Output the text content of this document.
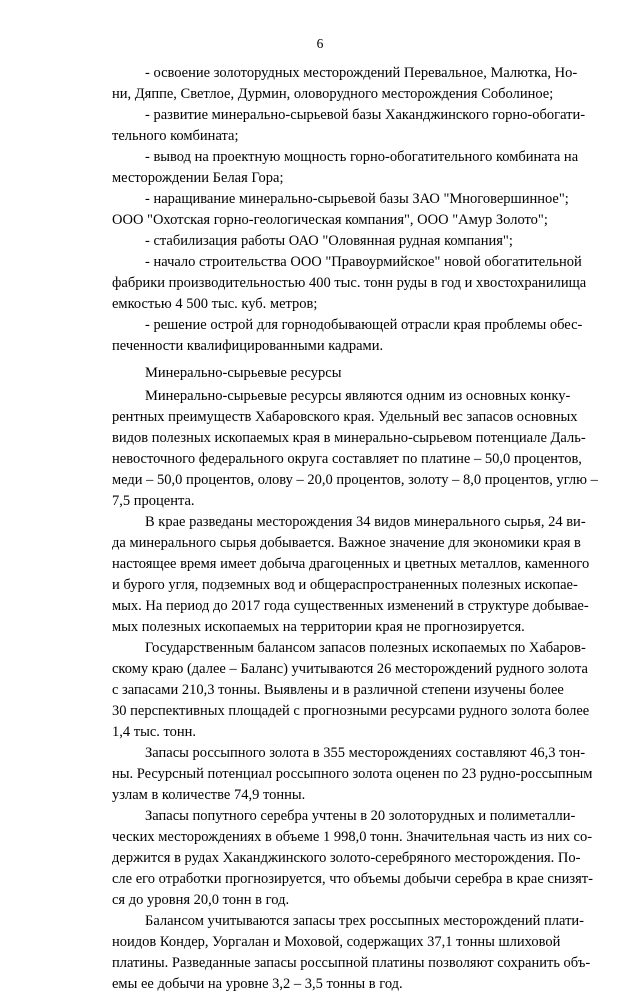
6
- освоение золоторудных месторождений Перевальное, Малютка, Но-
ни, Дяппе, Светлое, Дурмин, оловорудного месторождения Соболиное;
- развитие минерально-сырьевой базы Хаканджинского горно-обогати-
тельного комбината;
- вывод на проектную мощность горно-обогатительного комбината на
месторождении Белая Гора;
- наращивание минерально-сырьевой базы ЗАО "Многовершинное";
ООО "Охотская горно-геологическая компания", ООО "Амур Золото";
- стабилизация работы ОАО "Оловянная рудная компания";
- начало строительства ООО "Правоурмийское" новой обогатительной
фабрики производительностью 400 тыс. тонн руды в год и хвостохранилища
емкостью 4 500 тыс. куб. метров;
- решение острой для горнодобывающей отрасли края проблемы обес-
печенности квалифицированными кадрами.
Минерально-сырьевые ресурсы
Минерально-сырьевые ресурсы являются одним из основных конку-
рентных преимуществ Хабаровского края. Удельный вес запасов основных
видов полезных ископаемых края в минерально-сырьевом потенциале Даль-
невосточного федерального округа составляет по платине – 50,0 процентов,
меди – 50,0 процентов, олову – 20,0 процентов, золоту – 8,0 процентов, углю –
7,5 процента.
В крае разведаны месторождения 34 видов минерального сырья, 24 ви-
да минерального сырья добывается. Важное значение для экономики края в
настоящее время имеет добыча драгоценных и цветных металлов, каменного
и бурого угля, подземных вод и общераспространенных полезных ископае-
мых. На период до 2017 года существенных изменений в структуре добывае-
мых полезных ископаемых на территории края не прогнозируется.
Государственным балансом запасов полезных ископаемых по Хабаров-
скому краю (далее – Баланс) учитываются 26 месторождений рудного золота
с запасами 210,3 тонны. Выявлены и в различной степени изучены более
30 перспективных площадей с прогнозными ресурсами рудного золота более
1,4 тыс. тонн.
Запасы россыпного золота в 355 месторождениях составляют 46,3 тон-
ны. Ресурсный потенциал россыпного золота оценен по 23 рудно-россыпным
узлам в количестве 74,9 тонны.
Запасы попутного серебра учтены в 20 золоторудных и полиметалли-
ческих месторождениях в объеме 1 998,0 тонн. Значительная часть из них со-
держится в рудах Хаканджинского золото-серебряного месторождения. По-
сле его отработки прогнозируется, что объемы добычи серебра в крае снизят-
ся до уровня 20,0 тонн в год.
Балансом учитываются запасы трех россыпных месторождений плати-
ноидов Кондер, Уоргалан и Моховой, содержащих 37,1 тонны шлиховой
платины. Разведанные запасы россыпной платины позволяют сохранить объ-
емы ее добычи на уровне 3,2 – 3,5 тонны в год.
